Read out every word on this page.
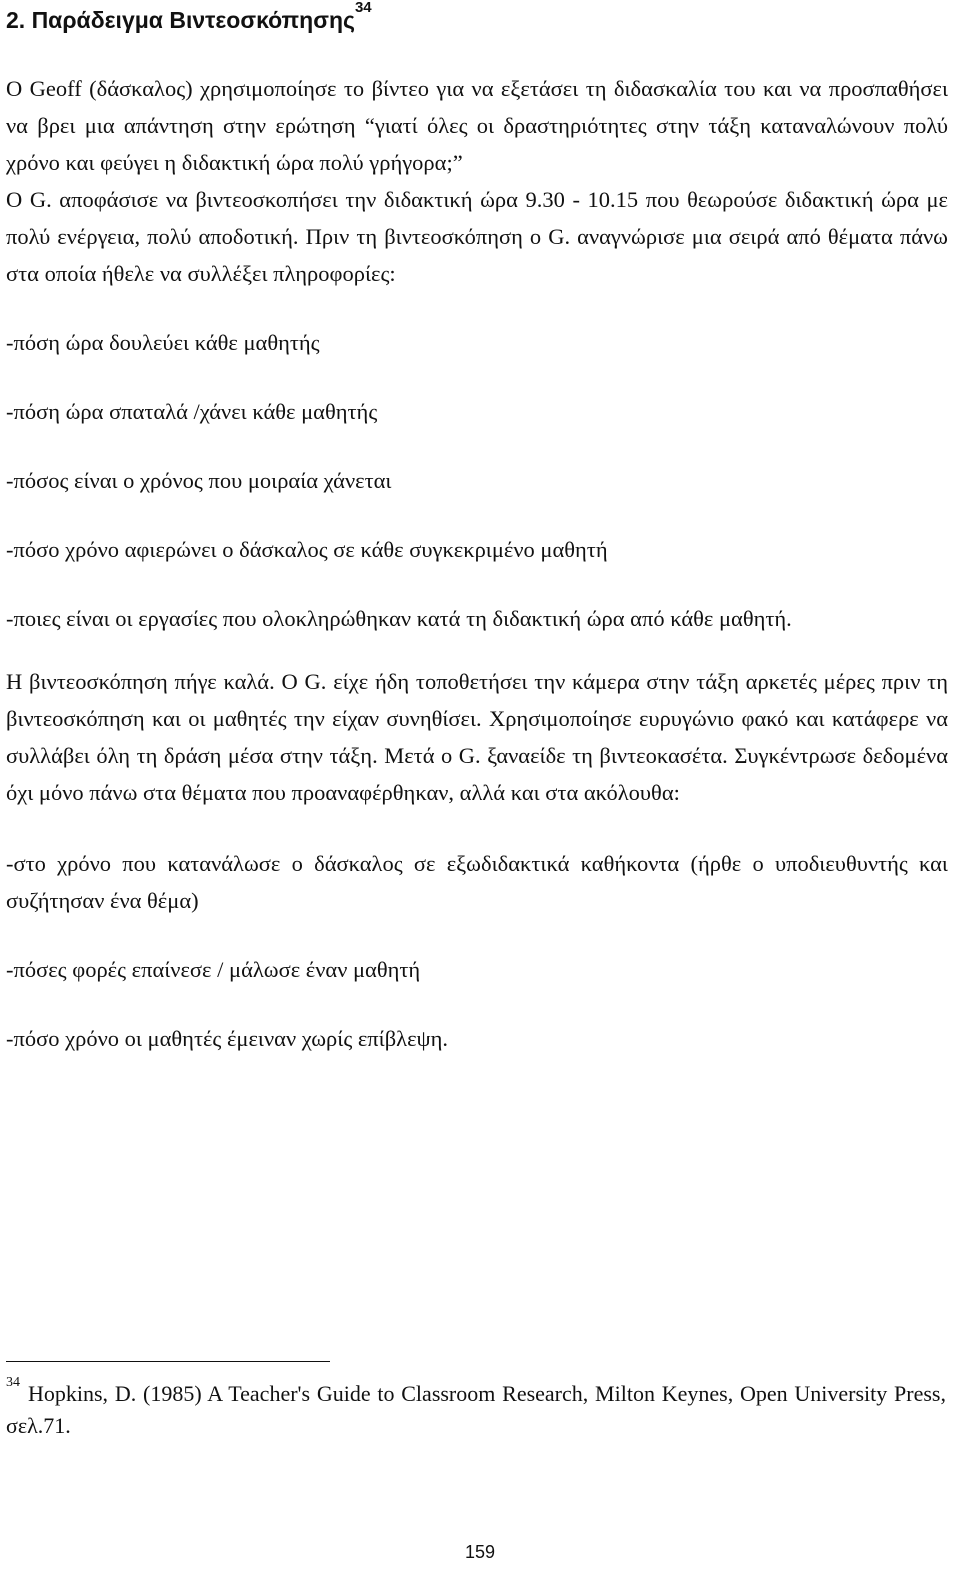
2. Παράδειγμα Βιντεοσκόπησης$^{34}$

O Geoff (δάσκαλος) χρησιμοποίησε το βίντεο για να εξετάσει τη διδασκαλία του και να προσπαθήσει να βρει μια απάντηση στην ερώτηση “γιατί όλες οι δραστηριότητες στην τάξη καταναλώνουν πολύ χρόνο και φεύγει η διδακτική ώρα πολύ γρήγορα;”

O G. αποφάσισε να βιντεοσκοπήσει την διδακτική ώρα 9.30 - 10.15 που θεωρούσε διδακτική ώρα με πολύ ενέργεια, πολύ αποδοτική. Πριν τη βιντεοσκόπηση ο G. αναγνώρισε μια σειρά από θέματα πάνω στα οποία ήθελε να συλλέξει πληροφορίες:

-πόση ώρα δουλεύει κάθε μαθητής

-πόση ώρα σπαταλά /χάνει κάθε μαθητής

-πόσος είναι ο χρόνος που μοιραία χάνεται

-πόσο χρόνο αφιερώνει ο δάσκαλος σε κάθε συγκεκριμένο μαθητή

-ποιες είναι οι εργασίες που ολοκληρώθηκαν κατά τη διδακτική ώρα από κάθε μαθητή.

H βιντεοσκόπηση πήγε καλά. O G. είχε ήδη τοποθετήσει την κάμερα στην τάξη αρκετές μέρες πριν τη βιντεοσκόπηση και οι μαθητές την είχαν συνηθίσει. Χρησιμοποίησε ευρυγώνιο φακό και κατάφερε να συλλάβει όλη τη δράση μέσα στην τάξη. Μετά ο G. ξαναείδε τη βιντεοκασέτα. Συγκέντρωσε δεδομένα όχι μόνο πάνω στα θέματα που προαναφέρθηκαν, αλλά και στα ακόλουθα:

-στο χρόνο που κατανάλωσε ο δάσκαλος σε εξωδιδακτικά καθήκοντα (ήρθε ο υποδιευθυντής και συζήτησαν ένα θέμα)

-πόσες φορές επαίνεσε / μάλωσε έναν μαθητή

-πόσο χρόνο οι μαθητές έμειναν χωρίς επίβλεψη.

$^{34}$ Hopkins, D. (1985) A Teacher's Guide to Classroom Research, Milton Keynes, Open University Press, σελ.71.
159
